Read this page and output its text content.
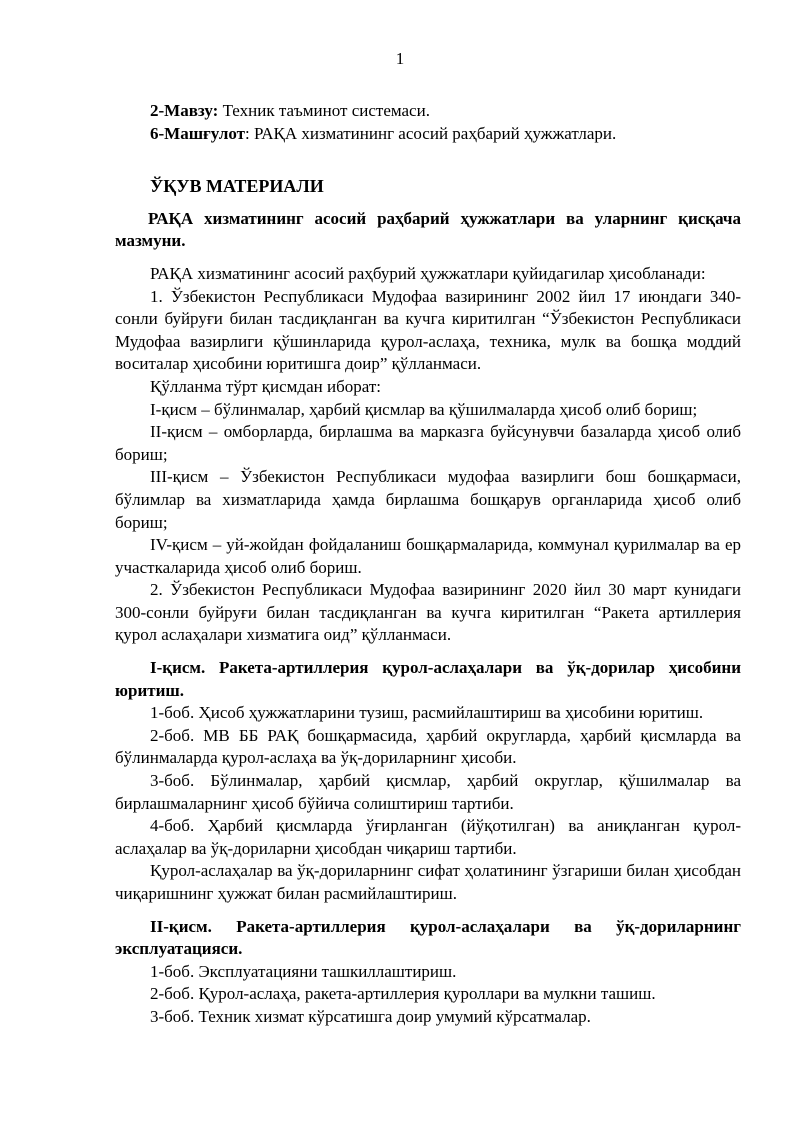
1

2-Мавзу: Техник таъминот системаси.

6-Машғулот: РАҚА хизматининг асосий раҳбарий ҳужжатлари.

ЎҚУВ МАТЕРИАЛИ

РАҚА хизматининг асосий раҳбарий ҳужжатлари ва уларнинг қисқача мазмуни.

РАҚА хизматининг асосий раҳбурий ҳужжатлари қуйидагилар ҳисобланади:

1. Ўзбекистон Республикаси Мудофаа вазирининг 2002 йил 17 июндаги 340-сонли буйруғи билан тасдиқланган ва кучга киритилган “Ўзбекистон Республикаси Мудофаа вазирлиги қўшинларида қурол-аслаҳа, техника, мулк ва бошқа моддий воситалар ҳисобини юритишга доир” қўлланмаси.

Қўлланма тўрт қисмдан иборат:

I-қисм – бўлинмалар, ҳарбий қисмлар ва қўшилмаларда ҳисоб олиб бориш;

II-қисм – омборларда, бирлашма ва марказга буйсунувчи базаларда ҳисоб олиб бориш;

III-қисм – Ўзбекистон Республикаси мудофаа вазирлиги бош бошқармаси, бўлимлар ва хизматларида ҳамда бирлашма бошқарув органларида ҳисоб олиб бориш;

IV-қисм – уй-жойдан фойдаланиш бошқармаларида, коммунал қурилмалар ва ер участкаларида ҳисоб олиб бориш.

2. Ўзбекистон Республикаси Мудофаа вазирининг 2020 йил 30 март кунидаги 300-сонли буйруғи билан тасдиқланган ва кучга киритилган “Ракета артиллерия қурол аслаҳалари хизматига оид” қўлланмаси.

I-қисм. Ракета-артиллерия қурол-аслаҳалари ва ўқ-дорилар ҳисобини юритиш.

1-боб. Ҳисоб ҳужжатларини тузиш, расмийлаштириш ва ҳисобини юритиш.

2-боб. МВ ББ РАҚ бошқармасида, ҳарбий округларда, ҳарбий қисмларда ва бўлинмаларда қурол-аслаҳа ва ўқ-дориларнинг ҳисоби.

3-боб. Бўлинмалар, ҳарбий қисмлар, ҳарбий округлар, қўшилмалар ва бирлашмаларнинг ҳисоб бўйича солиштириш тартиби.

4-боб. Ҳарбий қисмларда ўғирланган (йўқотилган) ва аниқланган қурол-аслаҳалар ва ўқ-дориларни ҳисобдан чиқариш тартиби.

Қурол-аслаҳалар ва ўқ-дориларнинг сифат ҳолатининг ўзгариши билан ҳисобдан чиқаришнинг ҳужжат билан расмийлаштириш.

II-қисм. Ракета-артиллерия қурол-аслаҳалари ва ўқ-дориларнинг эксплуатацияси.

1-боб. Эксплуатацияни ташкиллаштириш.

2-боб. Қурол-аслаҳа, ракета-артиллерия қуроллари ва мулкни ташиш.

3-боб. Техник хизмат кўрсатишга доир умумий кўрсатмалар.
